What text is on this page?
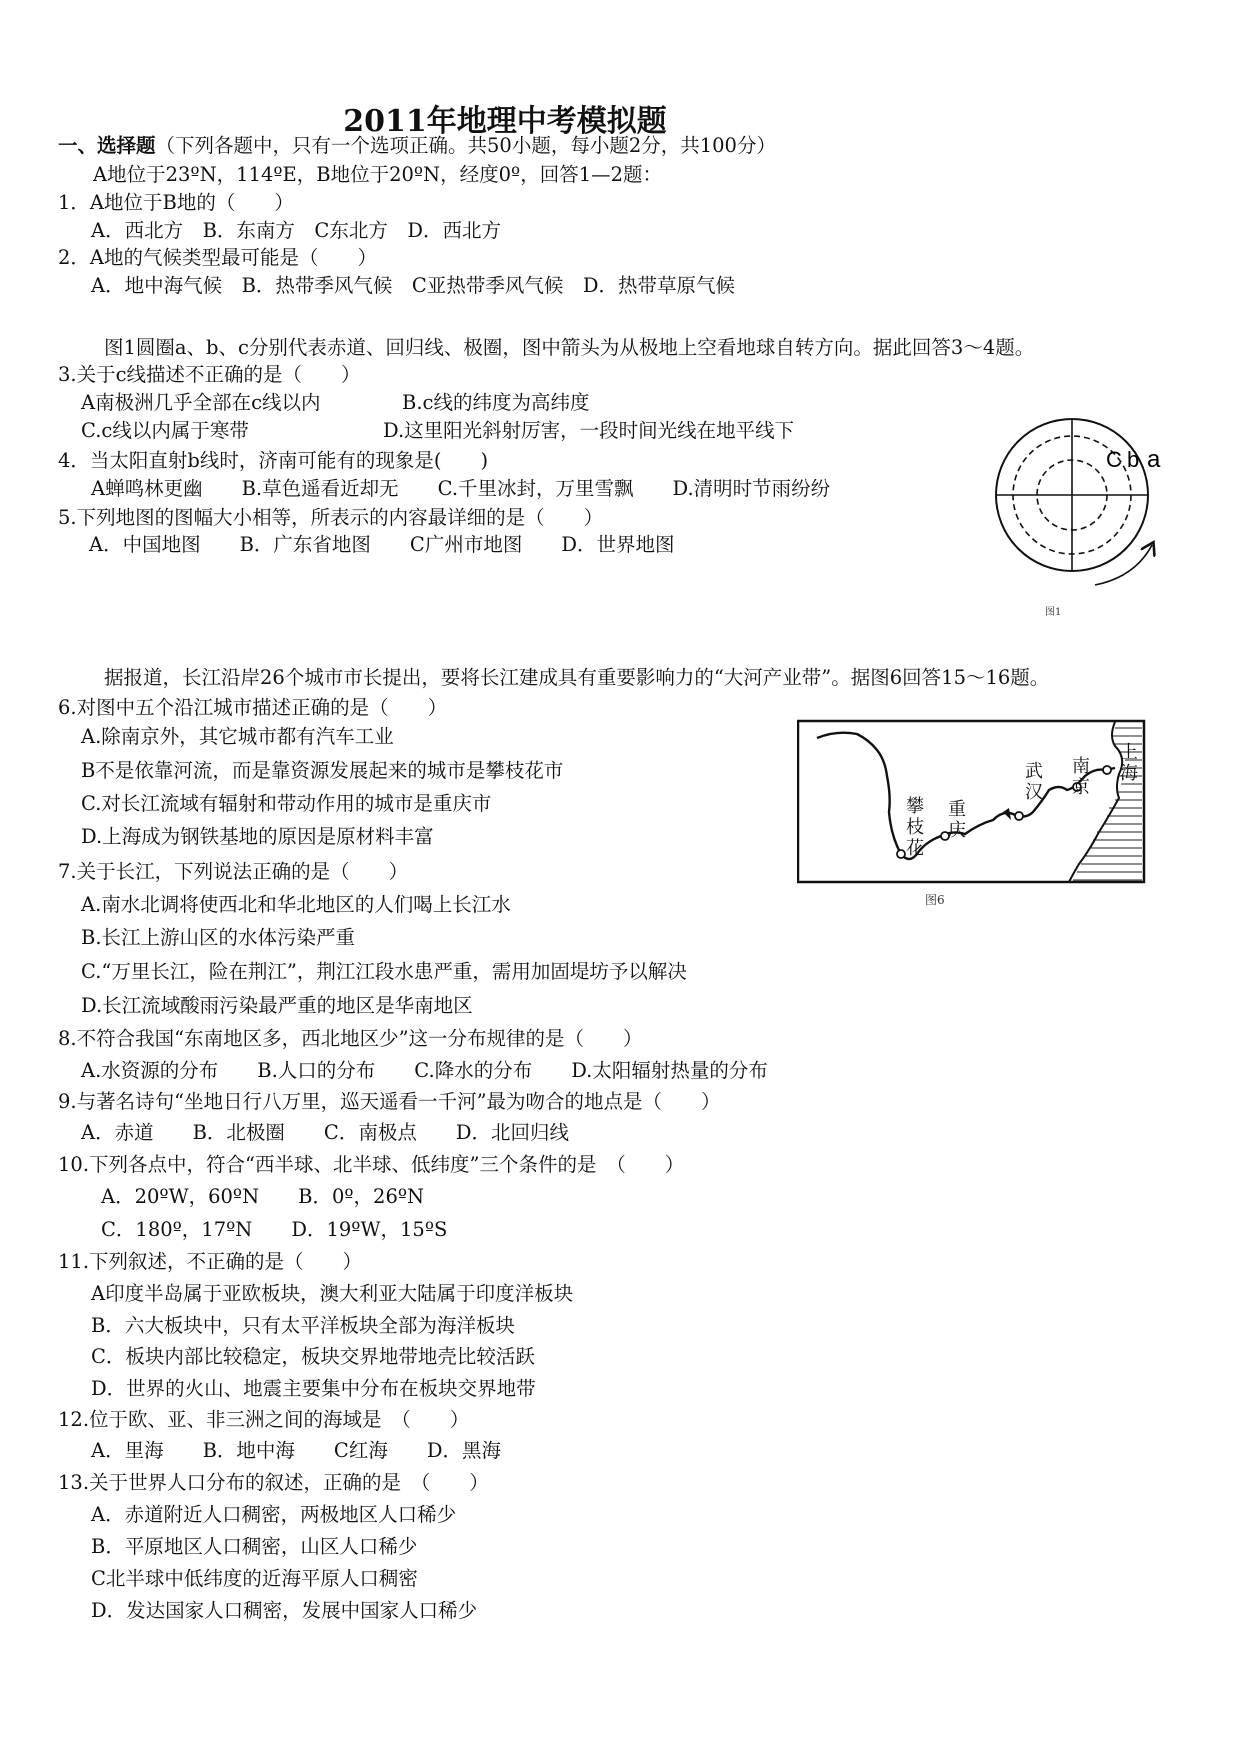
2011年地理中考模拟题
一、选择题（下列各题中，只有一个选项正确。共50小题，每小题2分，共100分）
A地位于23ºN，114ºE，B地位于20ºN，经度0º，回答1—2题：
1．A地位于B地的（　　）
A．西北方　B．东南方　C东北方　D．西北方
2．A地的气候类型最可能是（　　）
A．地中海气候　B．热带季风气候　C亚热带季风气候　D．热带草原气候
图1圆圈a、b、c分别代表赤道、回归线、极圈，图中箭头为从极地上空看地球自转方向。据此回答3～4题。
3.关于c线描述不正确的是（　　）
A南极洲几乎全部在c线以内	B.c线的纬度为高纬度
C.c线以内属于寒带	D.这里阳光斜射厉害，一段时间光线在地平线下
4．当太阳直射b线时，济南可能有的现象是(　　)
A蝉鸣林更幽　　B.草色遥看近却无　　C.千里冰封，万里雪飘　　D.清明时节雨纷纷
5.下列地图的图幅大小相等，所表示的内容最详细的是（　　）
A．中国地图　　B．广东省地图　　C广州市地图　　D．世界地图
C b a
图1
据报道，长江沿岸26个城市市长提出，要将长江建成具有重要影响力的“大河产业带”。据图6回答15～16题。
6.对图中五个沿江城市描述正确的是（　　）
A.除南京外，其它城市都有汽车工业
B不是依靠河流，而是靠资源发展起来的城市是攀枝花市
C.对长江流域有辐射和带动作用的城市是重庆市
D.上海成为钢铁基地的原因是原材料丰富
攀枝花
重庆
武汉
南京
上海
图6
7.关于长江，下列说法正确的是（　　）
A.南水北调将使西北和华北地区的人们喝上长江水
B.长江上游山区的水体污染严重
C.“万里长江，险在荆江”，荆江江段水患严重，需用加固堤坊予以解决
D.长江流域酸雨污染最严重的地区是华南地区
8.不符合我国“东南地区多，西北地区少”这一分布规律的是（　　）
A.水资源的分布　　B.人口的分布　　C.降水的分布　　D.太阳辐射热量的分布
9.与著名诗句“坐地日行八万里，巡天遥看一千河”最为吻合的地点是（　　）
A．赤道　　B．北极圈　　C．南极点　　D．北回归线
10.下列各点中，符合“西半球、北半球、低纬度”三个条件的是　（　　）
A．20ºW，60ºN　　B．0º，26ºN
C．180º，17ºN　　D．19ºW，15ºS
11.下列叙述，不正确的是（　　）
A印度半岛属于亚欧板块，澳大利亚大陆属于印度洋板块
B．六大板块中，只有太平洋板块全部为海洋板块
C．板块内部比较稳定，板块交界地带地壳比较活跃
D．世界的火山、地震主要集中分布在板块交界地带
12.位于欧、亚、非三洲之间的海域是　（　　）
A．里海　　B．地中海　　C红海　　D．黑海
13.关于世界人口分布的叙述，正确的是　（　　）
A．赤道附近人口稠密，两极地区人口稀少
B．平原地区人口稠密，山区人口稀少
C北半球中低纬度的近海平原人口稠密
D．发达国家人口稠密，发展中国家人口稀少
